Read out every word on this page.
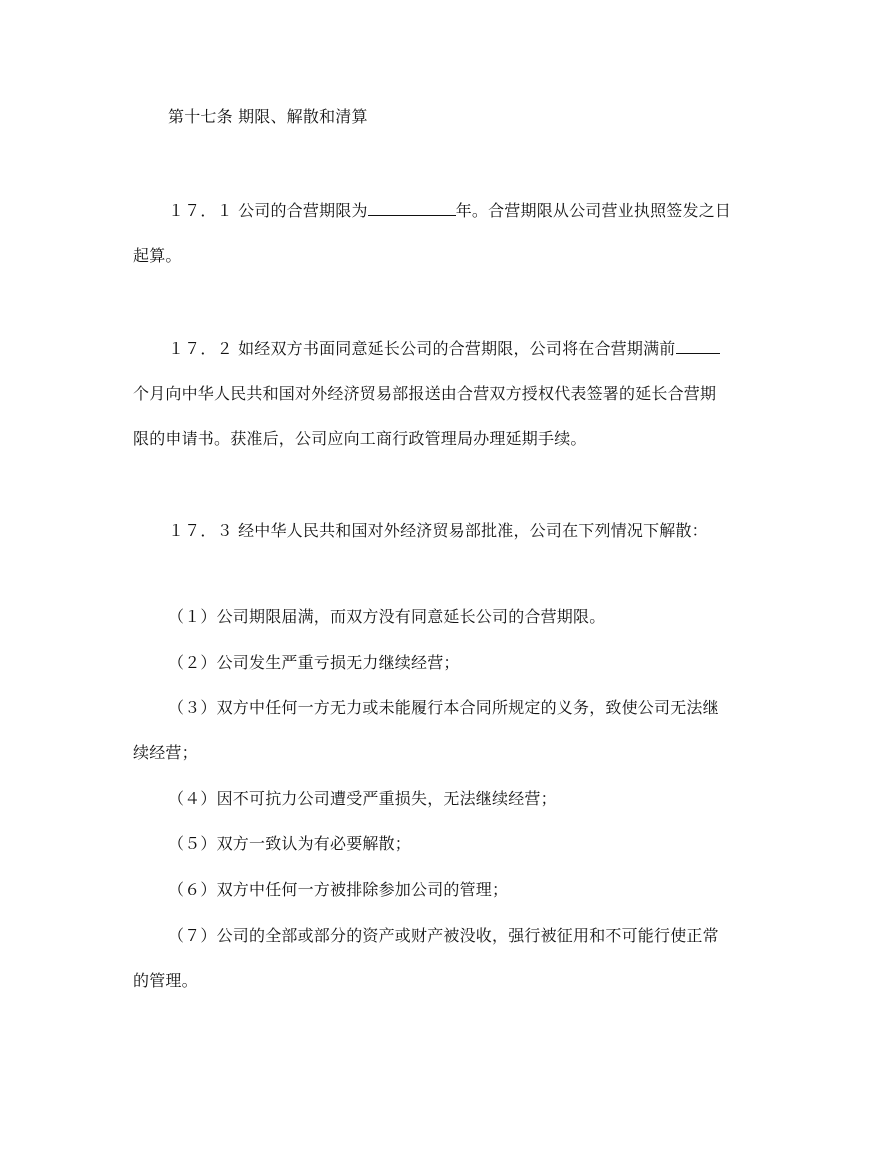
第十七条 期限、解散和清算
１７．１ 公司的合营期限为	年。合营期限从公司营业执照签发之日
起算。
１７．２ 如经双方书面同意延长公司的合营期限，公司将在合营期满前
个月向中华人民共和国对外经济贸易部报送由合营双方授权代表签署的延长合营期
限的申请书。获准后，公司应向工商行政管理局办理延期手续。
１７．３ 经中华人民共和国对外经济贸易部批准，公司在下列情况下解散：
（１）公司期限届满，而双方没有同意延长公司的合营期限。
（２）公司发生严重亏损无力继续经营；
（３）双方中任何一方无力或未能履行本合同所规定的义务，致使公司无法继
续经营；
（４）因不可抗力公司遭受严重损失，无法继续经营；
（５）双方一致认为有必要解散；
（６）双方中任何一方被排除参加公司的管理；
（７）公司的全部或部分的资产或财产被没收，强行被征用和不可能行使正常
的管理。
